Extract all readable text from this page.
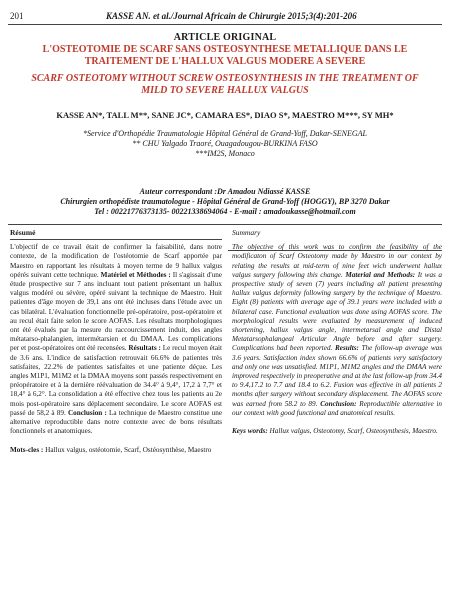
201	KASSE AN. et al./Journal Africain de Chirurgie 2015;3(4):201-206
ARTICLE ORIGINAL
L'OSTEOTOMIE DE SCARF SANS OSTEOSYNTHESE METALLIQUE DANS LE TRAITEMENT DE L'HALLUX VALGUS MODERE A SEVERE
SCARF OSTEOTOMY WITHOUT SCREW OSTEOSYNTHESIS IN THE TREATMENT OF MILD TO SEVERE HALLUX VALGUS
KASSE AN*, TALL M**, SANE JC*, CAMARA ES*, DIAO S*, MAESTRO M***, SY MH*
*Service d'Orthopédie Traumatologie Hôpital Général de Grand-Yoff, Dakar-SENEGAL
** CHU Yalgado Traoré, Ouagadougou-BURKINA FASO
***IM2S, Monaco
Auteur correspondant :Dr Amadou Ndiassé KASSE
Chirurgien orthopédiste traumatologue - Hôpital Général de Grand-Yoff (HOGGY), BP 3270 Dakar
Tel : 00221776373135- 00221338694064 - E-mail : amadoukasse@hotmail.com
Résumé
L'objectif de ce travail était de confirmer la faisabilité, dans notre contexte, de la modification de l'ostéotomie de Scarf apportée par Maestro en rapportant les résultats à moyen terme de 9 hallux valgus opérés suivant cette technique. Matériel et Méthodes : Il s'agissait d'une étude prospective sur 7 ans incluant tout patient présentant un hallux valgus modéré ou sévère, opéré suivant la technique de Maestro. Huit patientes d'âge moyen de 39,1 ans ont été incluses dans l'étude avec un cas bilatéral. L'évaluation fonctionnelle pré-opératoire, post-opératoire et au recul était faite selon le score AOFAS. Les résultats morphologiques ont été évalués par la mesure du raccourcissement induit, des angles métatarso-phalangien, intermétarsien et du DMAA. Les complications per et post-opératoires ont été recensées. Résultats : Le recul moyen était de 3.6 ans. L'indice de satisfaction retrouvait 66.6% de patientes très satisfaites, 22.2% de patientes satisfaites et une patiente déçue. Les angles M1P1, M1M2 et la DMAA moyens sont passés respectivement en préopératoire et à la dernière réévaluation de 34.4° à 9,4°, 17,2 à 7,7° et 18,4° à 6,2°. La consolidation a été effective chez tous les patients au 2e mois post-opératoire sans déplacement secondaire. Le score AOFAS est passé de 58,2 à 89. Conclusion : La technique de Maestro constitue une alternative reproductible dans notre contexte avec de bons résultats fonctionnels et anatomiques.
Mots-cles : Hallux valgus, ostéotomie, Scarf, Ostéosynthèse, Maestro
Summary
The objective of this work was to confirm the feasibility of the modificaton of Scarf Osteotomy made by Maestro in our context by relating the results at mid-term of nine feet wich underwent hallux valgus surgery following this change. Material and Methods: It was a prospective study of seven (7) years including all patient presenting hallux valgus deformity following surgery by the technique of Maestro. Eight (8) patients with average age of 39.1 years were included with a bilateral case. Functional evaluation was done using AOFAS score. The morphological results were evaluated by measurement of induced shortening, hallux valgus angle, intermetarsal angle and Distal Metatarsophalangeal Articular Angle before and after surgery. Complications had been reported. Results: The follow-up average was 3.6 years. Satisfaction index shown 66.6% of patients very satisfactory and only one was unsatisfied. M1P1, M1M2 angles and the DMAA were improved respectively in preoperative and at the last follow-up from 34.4 to 9.4,17.2 to 7.7 and 18.4 to 6.2. Fusion was effective in all patients 2 months after surgery without secondary displacement. The AOFAS score was earned from 58.2 to 89. Conclusion: Reproductible alternative in our context with good functional and anatomical results.
Keys words: Hallux valgus, Osteotomy, Scarf, Osteosynthesis, Maestro.
